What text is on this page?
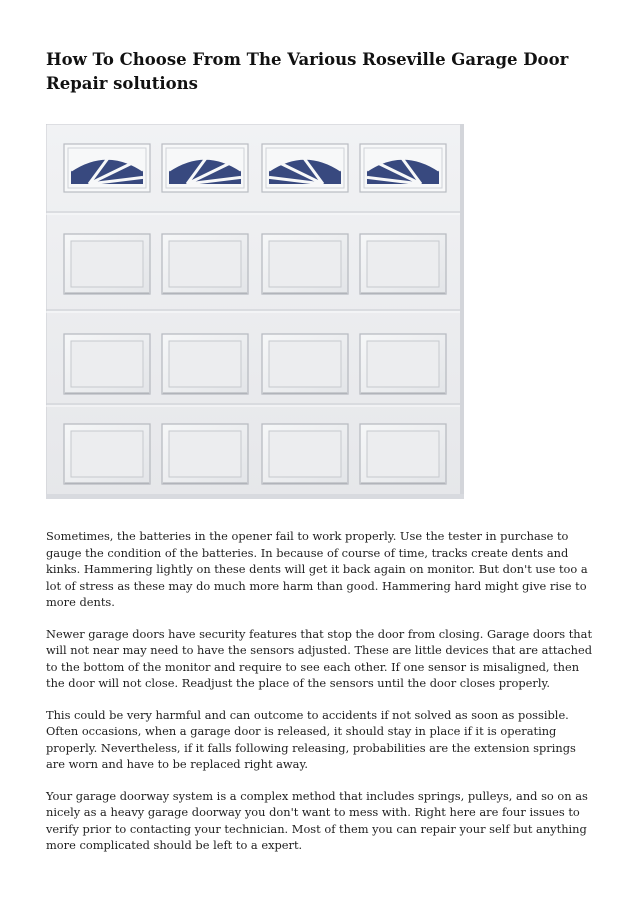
How To Choose From The Various Roseville Garage Door Repair solutions

Sometimes, the batteries in the opener fail to work properly. Use the tester in purchase to gauge the condition of the batteries. In because of course of time, tracks create dents and kinks. Hammering lightly on these dents will get it back again on monitor. But don't use too a lot of stress as these may do much more harm than good. Hammering hard might give rise to more dents.

Newer garage doors have security features that stop the door from closing. Garage doors that will not near may need to have the sensors adjusted. These are little devices that are attached to the bottom of the monitor and require to see each other. If one sensor is misaligned, then the door will not close. Readjust the place of the sensors until the door closes properly.

This could be very harmful and can outcome to accidents if not solved as soon as possible. Often occasions, when a garage door is released, it should stay in place if it is operating properly. Nevertheless, if it falls following releasing, probabilities are the extension springs are worn and have to be replaced right away.

Your garage doorway system is a complex method that includes springs, pulleys, and so on as nicely as a heavy garage doorway you don't want to mess with. Right here are four issues to verify prior to contacting your technician. Most of them you can repair your self but anything more complicated should be left to a expert.
